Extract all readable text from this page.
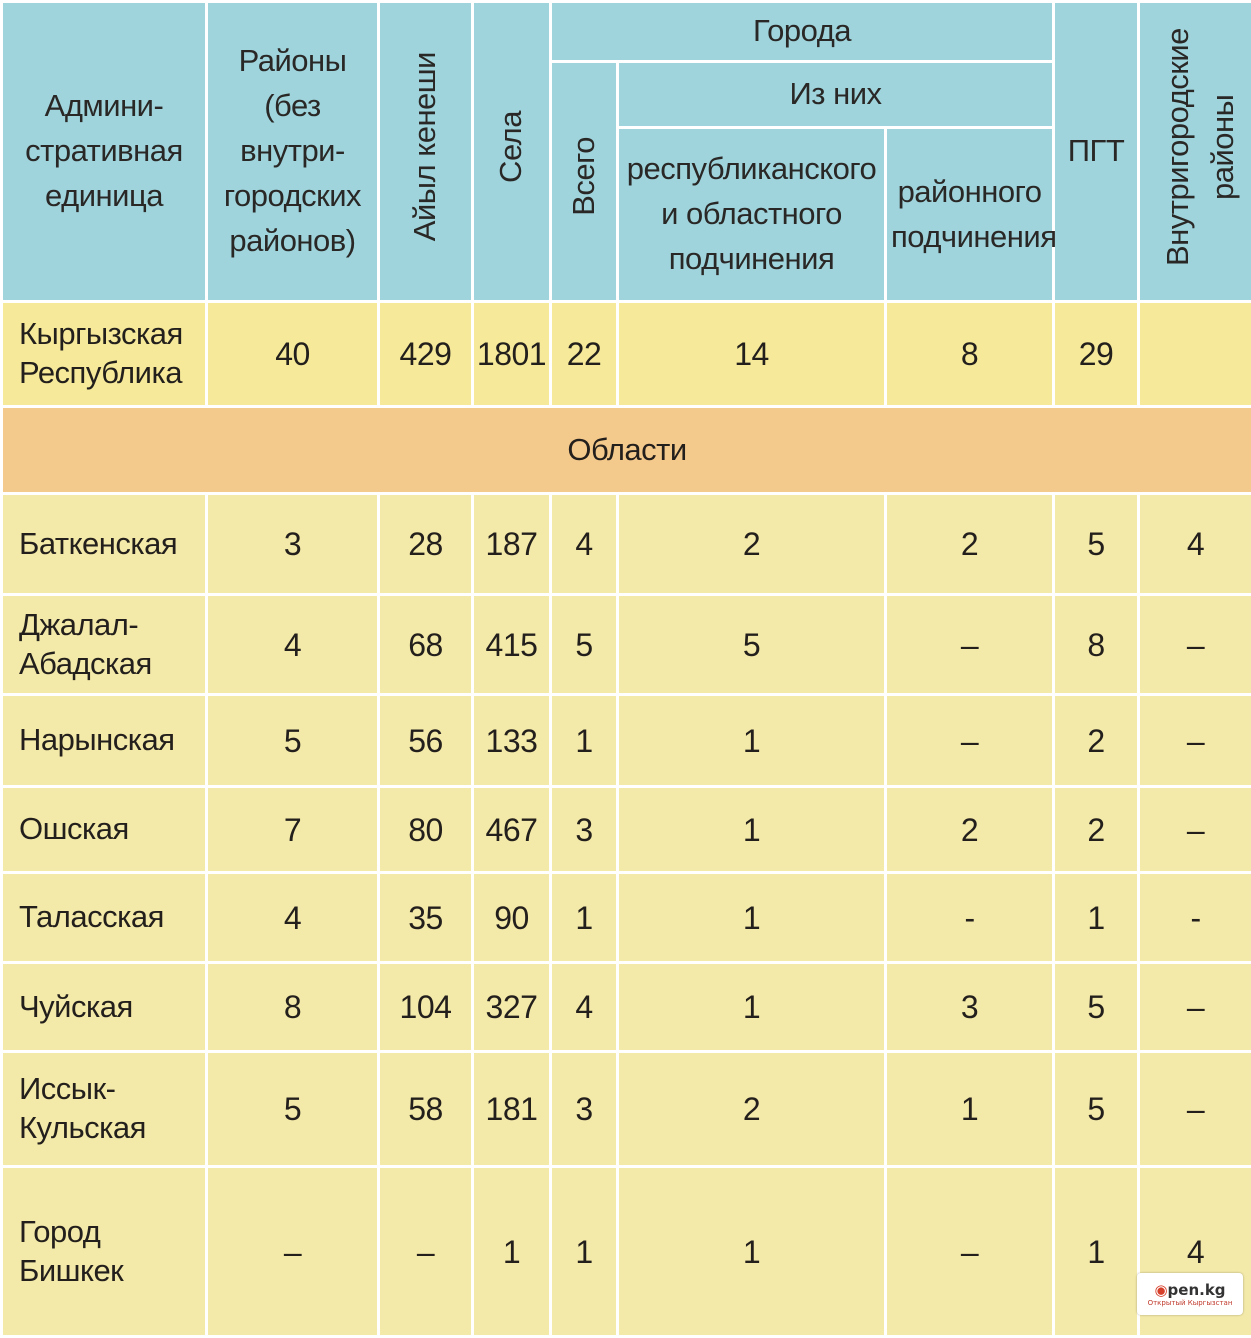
Админи-стративная единица	Районы (без внутри-городских районов)	Айыл кенеши	Села	Города			ПГТ	Внутригородские районы
				Всего	Из них			

					республиканского и областного подчинения	районного подчинения		

Кыргызская Республика	40	429	1801	22	14	8	29	
Области								
Баткенская	3	28	187	4	2	2	5	4

Джалал-Абадская	4	68	415	5	5	–	8	–
Нарынская	5	56	133	1	1	–	2	–
Ошская	7	80	467	3	1	2	2	–
Таласская	4	35	90	1	1	-	1	-
Чуйская	8	104	327	4	1	3	5	–

Иссык-Кульская	5	58	181	3	2	1	5	–

Город Бишкек	–	–	1	1	1	–	1	4
◉pen.kg
Открытый Кыргызстан
